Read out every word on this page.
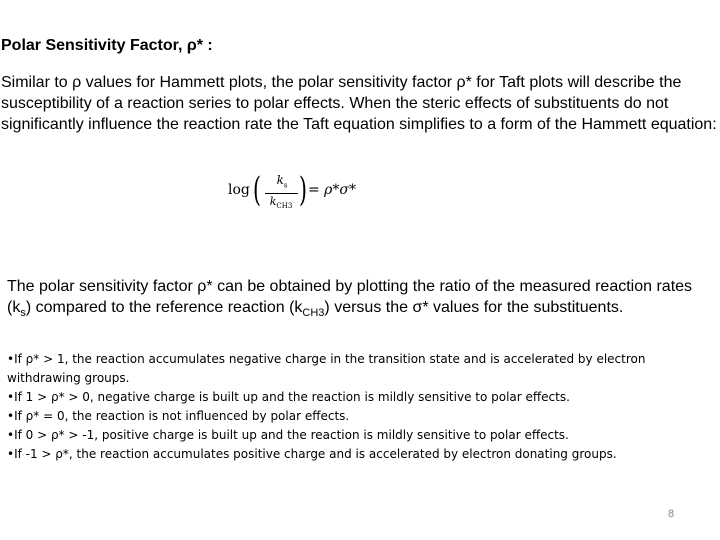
Polar Sensitivity Factor, ρ* :

Similar to ρ values for Hammett plots, the polar sensitivity factor ρ* for Taft plots will describe the susceptibility of a reaction series to polar effects. When the steric effects of substituents do not significantly influence the reaction rate the Taft equation simplifies to a form of the Hammett equation:

log (	$k_s$
$k_{CH3}$ ) = ρ*σ*

The polar sensitivity factor ρ* can be obtained by plotting the ratio of the measured reaction rates $(k_s)$ compared to the reference reaction $(k_{CH3})$ versus the σ* values for the substituents.

•If ρ* > 1, the reaction accumulates negative charge in the transition state and is accelerated by electron withdrawing groups.
•If 1 > ρ* > 0, negative charge is built up and the reaction is mildly sensitive to polar effects.
•If ρ* = 0, the reaction is not influenced by polar effects.
•If 0 > ρ* > -1, positive charge is built up and the reaction is mildly sensitive to polar effects.
•If -1 > ρ*, the reaction accumulates positive charge and is accelerated by electron donating groups.
8
